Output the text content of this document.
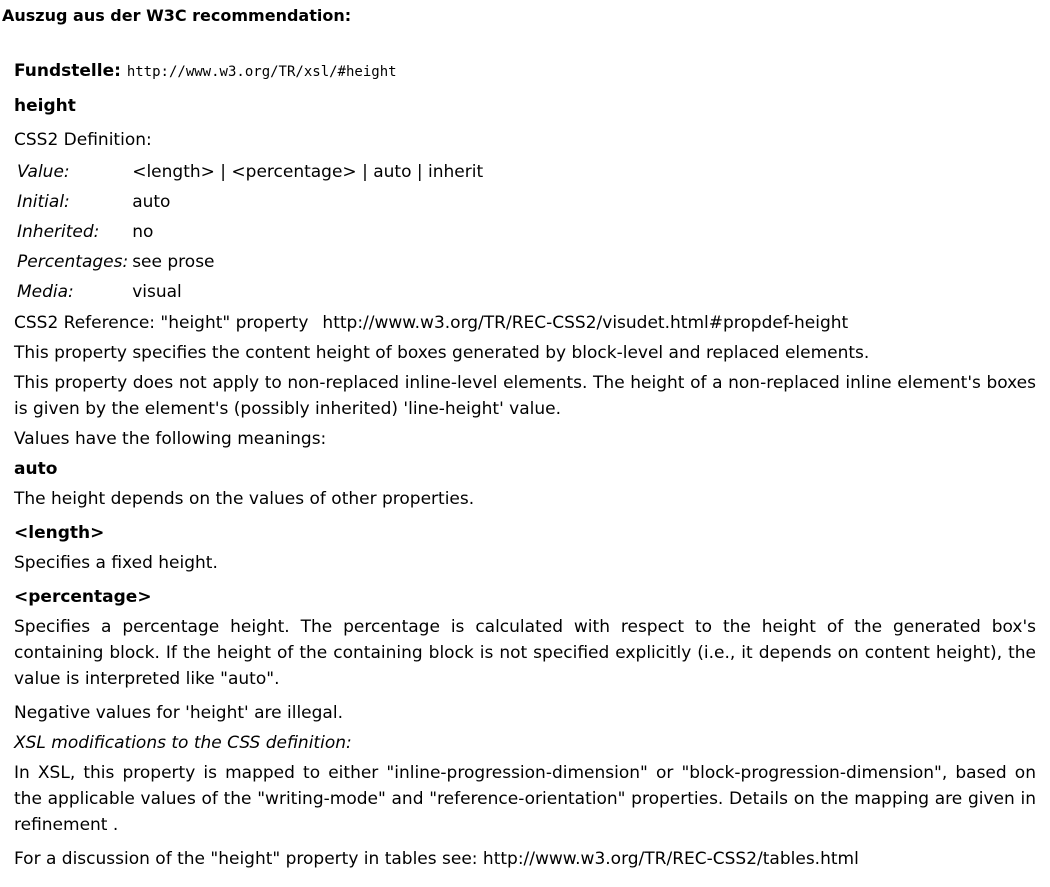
Auszug aus der W3C recommendation:
Fundstelle: http://www.w3.org/TR/xsl/#height
height
CSS2 Definition:
Value:	<length> | <percentage> | auto | inherit
Initial:	auto
Inherited:	no
Percentages:	see prose
Media:	visual
CSS2 Reference: "height" property http://www.w3.org/TR/REC-CSS2/visudet.html#propdef-height

This property specifies the content height of boxes generated by block-level and replaced elements.

This property does not apply to non-replaced inline-level elements. The height of a non-replaced inline element's boxes is given by the element's (possibly inherited) 'line-height' value.

Values have the following meanings:

auto

The height depends on the values of other properties.

<length>

Specifies a fixed height.

<percentage>

Specifies a percentage height. The percentage is calculated with respect to the height of the generated box's containing block. If the height of the containing block is not specified explicitly (i.e., it depends on content height), the value is interpreted like "auto".

Negative values for 'height' are illegal.

XSL modifications to the CSS definition:

In XSL, this property is mapped to either "inline-progression-dimension" or "block-progression-dimension", based on the applicable values of the "writing-mode" and "reference-orientation" properties. Details on the mapping are given in refinement .

For a discussion of the "height" property in tables see: http://www.w3.org/TR/REC-CSS2/tables.html
